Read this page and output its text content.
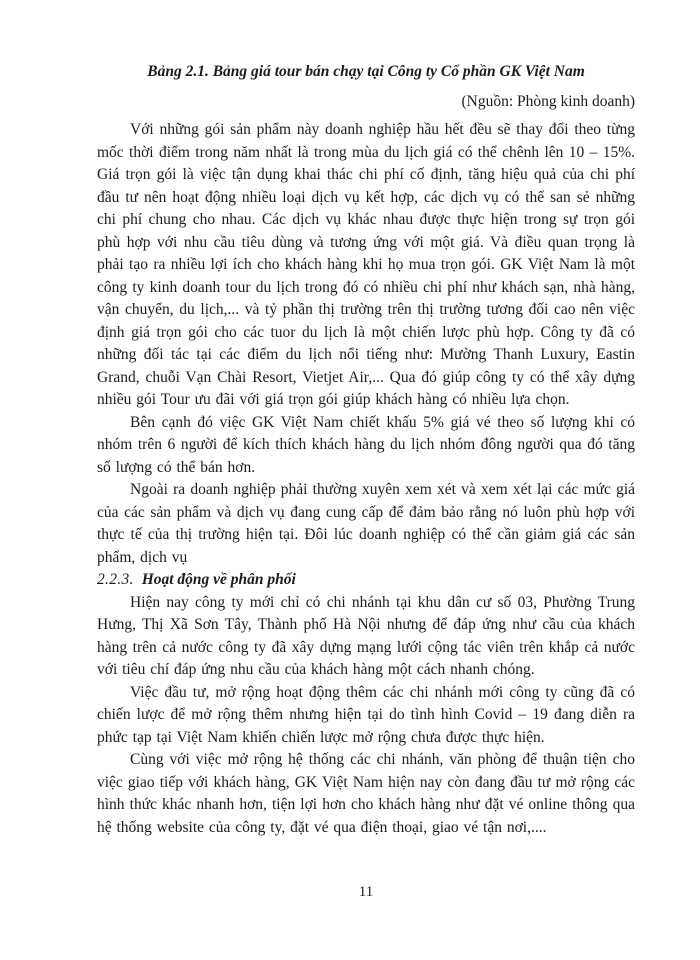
Bảng 2.1. Bảng giá tour bán chạy tại Công ty Cổ phần GK Việt Nam
(Nguồn: Phòng kinh doanh)

Với những gói sản phẩm này doanh nghiệp hầu hết đều sẽ thay đổi theo từng mốc thời điểm trong năm nhất là trong mùa du lịch giá có thể chênh lên 10 – 15%. Giá trọn gói là việc tận dụng khai thác chi phí cố định, tăng hiệu quả của chi phí đầu tư nên hoạt động nhiều loại dịch vụ kết hợp, các dịch vụ có thể san sẻ những chi phí chung cho nhau. Các dịch vụ khác nhau được thực hiện trong sự trọn gói phù hợp với nhu cầu tiêu dùng và tương ứng với một giá. Và điều quan trọng là phải tạo ra nhiều lợi ích cho khách hàng khi họ mua trọn gói. GK Việt Nam là một công ty kinh doanh tour du lịch trong đó có nhiều chi phí như khách sạn, nhà hàng, vận chuyển, du lịch,... và tỷ phần thị trường trên thị trường tương đối cao nên việc định giá trọn gói cho các tuor du lịch là một chiến lược phù hợp. Công ty đã có những đối tác tại các điểm du lịch nổi tiếng như: Mường Thanh Luxury, Eastin Grand, chuỗi Vạn Chài Resort, Vietjet Air,... Qua đó giúp công ty có thể xây dựng nhiều gói Tour ưu đãi với giá trọn gói giúp khách hàng có nhiều lựa chọn.

Bên cạnh đó việc GK Việt Nam chiết khấu 5% giá vé theo số lượng khi có nhóm trên 6 người để kích thích khách hàng du lịch nhóm đông người qua đó tăng số lượng có thể bán hơn.

Ngoài ra doanh nghiệp phải thường xuyên xem xét và xem xét lại các mức giá của các sản phẩm và dịch vụ đang cung cấp để đảm bảo rằng nó luôn phù hợp với thực tế của thị trường hiện tại. Đôi lúc doanh nghiệp có thể cần giảm giá các sản phẩm, dịch vụ

2.2.3. Hoạt động về phân phối

Hiện nay công ty mới chỉ có chi nhánh tại khu dân cư số 03, Phường Trung Hưng, Thị Xã Sơn Tây, Thành phố Hà Nội nhưng để đáp ứng như cầu của khách hàng trên cả nước công ty đã xây dựng mạng lưới cộng tác viên trên khắp cả nước với tiêu chí đáp ứng nhu cầu của khách hàng một cách nhanh chóng.

Việc đầu tư, mở rộng hoạt động thêm các chi nhánh mới công ty cũng đã có chiến lược để mở rộng thêm nhưng hiện tại do tình hình Covid – 19 đang diễn ra phức tạp tại Việt Nam khiến chiến lược mở rộng chưa được thực hiện.

Cùng với việc mở rộng hệ thống các chi nhánh, văn phòng để thuận tiện cho việc giao tiếp với khách hàng, GK Việt Nam hiện nay còn đang đầu tư mở rộng các hình thức khác nhanh hơn, tiện lợi hơn cho khách hàng như đặt vé online thông qua hệ thống website của công ty, đặt vé qua điện thoại, giao vé tận nơi,....

11
